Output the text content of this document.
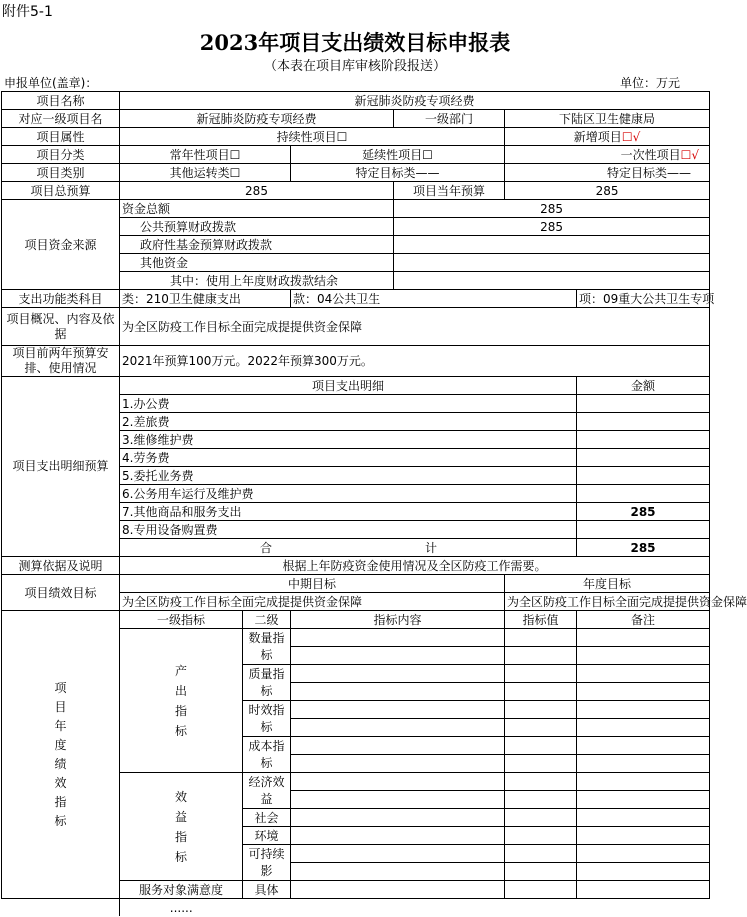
附件5-1
2023年项目支出绩效目标申报表
（本表在项目库审核阶段报送）
申报单位(盖章)：	单位：万元
项目名称	新冠肺炎防疫专项经费					
对应一级项目名	新冠肺炎防疫专项经费			一级部门	下陆区卫生健康局	
项目属性	持续性项目☐				新增项目☐√	
项目分类	常年性项目☐		延续性项目☐		一次性项目☐√	
项目类别	其他运转类☐		特定目标类——		特定目标类——	
项目总预算	285			项目当年预算	285	
项目资金来源	资金总额			285		
	公共预算财政拨款			285		
	政府性基金预算财政拨款					
	其他资金					
	其中：使用上年度财政拨款结余					
支出功能类科目	类：210卫生健康支出		款：04公共卫生			项：09重大公共卫生专项
项目概况、内容及依据	为全区防疫工作目标全面完成提提供资金保障					
项目前两年预算安排、使用情况	2021年预算100万元。2022年预算300万元。					
项目支出明细预算	项目支出明细					金额
	1.办公费					
	2.差旅费					
	3.维修维护费					
	4.劳务费					
	5.委托业务费					
	6.公务用车运行及维护费					
	7.其他商品和服务支出					285
	8.专用设备购置费					
	合 计					285
测算依据及说明	根据上年防疫资金使用情况及全区防疫工作需要。					
项目绩效目标	中期目标				年度目标	
	为全区防疫工作目标全面完成提提供资金保障				为全区防疫工作目标全面完成提提供资金保障	

项目年度绩效指标	一级指标	二级	指标内容		指标值	备注

	产出指标	数量指标				

		质量指标				

		时效指标				

		成本指标				

	效益指标	经济效益				

		社会				
		环境				
		可持续影				

	服务对象满意度	具体				
	......					
